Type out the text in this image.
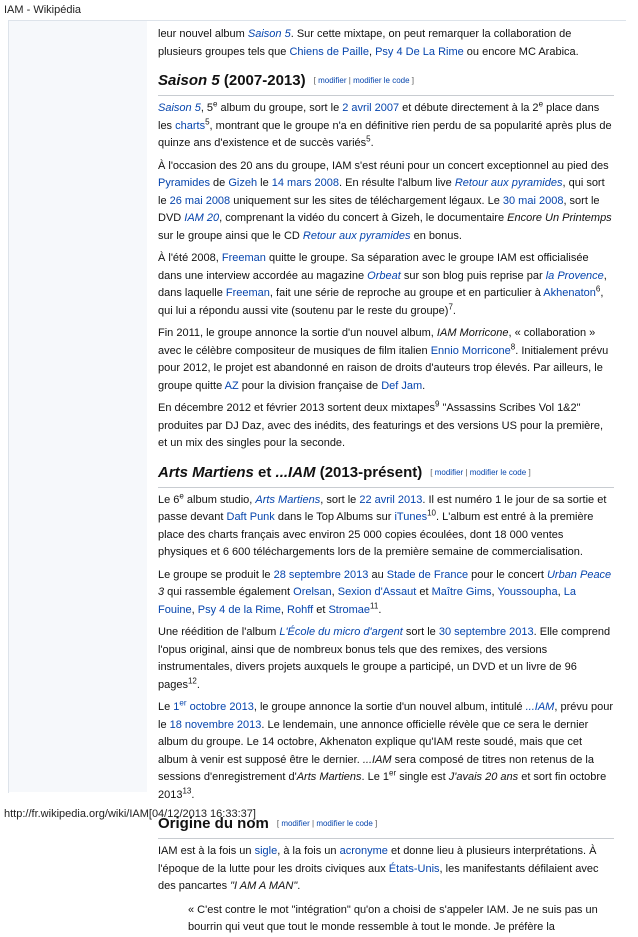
IAM - Wikipédia

leur nouvel album Saison 5. Sur cette mixtape, on peut remarquer la collaboration de plusieurs groupes tels que Chiens de Paille, Psy 4 De La Rime ou encore MC Arabica.

Saison 5 (2007-2013) [ modifier | modifier le code ]

Saison 5, 5e album du groupe, sort le 2 avril 2007 et débute directement à la 2e place dans les charts$^5$, montrant que le groupe n'a en définitive rien perdu de sa popularité après plus de quinze ans d'existence et de succès variés$^5$.

À l'occasion des 20 ans du groupe, IAM s'est réuni pour un concert exceptionnel au pied des Pyramides de Gizeh le 14 mars 2008. En résulte l'album live Retour aux pyramides, qui sort le 26 mai 2008 uniquement sur les sites de téléchargement légaux. Le 30 mai 2008, sort le DVD IAM 20, comprenant la vidéo du concert à Gizeh, le documentaire Encore Un Printemps sur le groupe ainsi que le CD Retour aux pyramides en bonus.

À l'été 2008, Freeman quitte le groupe. Sa séparation avec le groupe IAM est officialisée dans une interview accordée au magazine Orbeat sur son blog puis reprise par la Provence, dans laquelle Freeman, fait une série de reproche au groupe et en particulier à Akhenaton$^6$, qui lui a répondu aussi vite (soutenu par le reste du groupe)$^7$.

Fin 2011, le groupe annonce la sortie d'un nouvel album, IAM Morricone, « collaboration » avec le célèbre compositeur de musiques de film italien Ennio Morricone$^8$. Initialement prévu pour 2012, le projet est abandonné en raison de droits d'auteurs trop élevés. Par ailleurs, le groupe quitte AZ pour la division française de Def Jam.

En décembre 2012 et février 2013 sortent deux mixtapes$^9$ "Assassins Scribes Vol 1&2" produites par DJ Daz, avec des inédits, des featurings et des versions US pour la première, et un mix des singles pour la seconde.

Arts Martiens et ...IAM (2013-présent) [ modifier | modifier le code ]

Le 6e album studio, Arts Martiens, sort le 22 avril 2013. Il est numéro 1 le jour de sa sortie et passe devant Daft Punk dans le Top Albums sur iTunes$^{10}$. L'album est entré à la première place des charts français avec environ 25 000 copies écoulées, dont 18 000 ventes physiques et 6 600 téléchargements lors de la première semaine de commercialisation.

Le groupe se produit le 28 septembre 2013 au Stade de France pour le concert Urban Peace 3 qui rassemble également Orelsan, Sexion d'Assaut et Maître Gims, Youssoupha, La Fouine, Psy 4 de la Rime, Rohff et Stromae$^{11}$.

Une réédition de l'album L'École du micro d'argent sort le 30 septembre 2013. Elle comprend l'opus original, ainsi que de nombreux bonus tels que des remixes, des versions instrumentales, divers projets auxquels le groupe a participé, un DVD et un livre de 96 pages$^{12}$.

Le 1er octobre 2013, le groupe annonce la sortie d'un nouvel album, intitulé ...IAM, prévu pour le 18 novembre 2013. Le lendemain, une annonce officielle révèle que ce sera le dernier album du groupe. Le 14 octobre, Akhenaton explique qu'IAM reste soudé, mais que cet album à venir est supposé être le dernier. ...IAM sera composé de titres non retenus de la sessions d'enregistrement d'Arts Martiens. Le 1er single est J'avais 20 ans et sort fin octobre 2013$^{13}$.

Origine du nom [ modifier | modifier le code ]

IAM est à la fois un sigle, à la fois un acronyme et donne lieu à plusieurs interprétations. À l'époque de la lutte pour les droits civiques aux États-Unis, les manifestants défilaient avec des pancartes "I AM A MAN".

« C'est contre le mot "intégration" qu'on a choisi de s'appeler IAM. Je ne suis pas un bourrin qui veut que tout le monde ressemble à tout le monde. Je préfère la
http://fr.wikipedia.org/wiki/IAM[04/12/2013 16:33:37]
